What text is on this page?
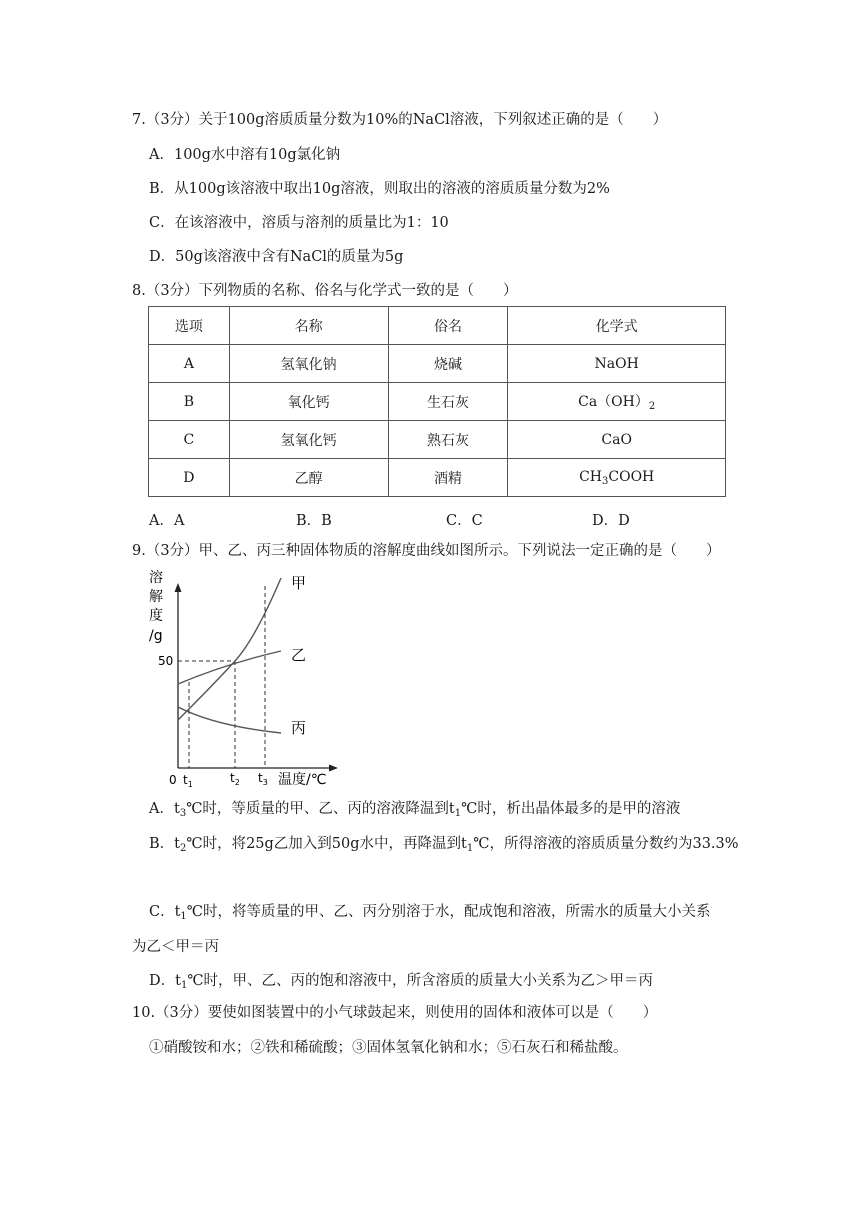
7.（3分）关于100g溶质质量分数为10%的NaCl溶液，下列叙述正确的是（　　）
A．100g水中溶有10g氯化钠
B．从100g该溶液中取出10g溶液，则取出的溶液的溶质质量分数为2%
C．在该溶液中，溶质与溶剂的质量比为1：10
D．50g该溶液中含有NaCl的质量为5g
8.（3分）下列物质的名称、俗名与化学式一致的是（　　）
选项	名称	俗名	化学式
A	氢氧化钠	烧碱	NaOH
B	氧化钙	生石灰	$Ca(OH)_2$
C	氢氧化钙	熟石灰	CaO
D	乙醇	酒精	$CH_3COOH$
A．A	B．B	C．C	D．D
9.（3分）甲、乙、丙三种固体物质的溶解度曲线如图所示。下列说法一定正确的是（　　）
溶
解
度
/g
50
甲
乙
丙
0 $t_1$	$t_2$ $t_3$ 温度/℃
A．$t_3℃$时，等质量的甲、乙、丙的溶液降温到$t_1℃$时，析出晶体最多的是甲的溶液
B．$t_2℃$时，将25g乙加入到50g水中，再降温到$t_1℃$，所得溶液的溶质质量分数约为33.3%
C．$t_1℃$时，将等质量的甲、乙、丙分别溶于水，配成饱和溶液，所需水的质量大小关系
为乙＜甲＝丙
D．$t_1℃$时，甲、乙、丙的饱和溶液中，所含溶质的质量大小关系为乙＞甲＝丙
10.（3分）要使如图装置中的小气球鼓起来，则使用的固体和液体可以是（　　）
①硝酸铵和水；②铁和稀硫酸；③固体氢氧化钠和水；⑤石灰石和稀盐酸。
